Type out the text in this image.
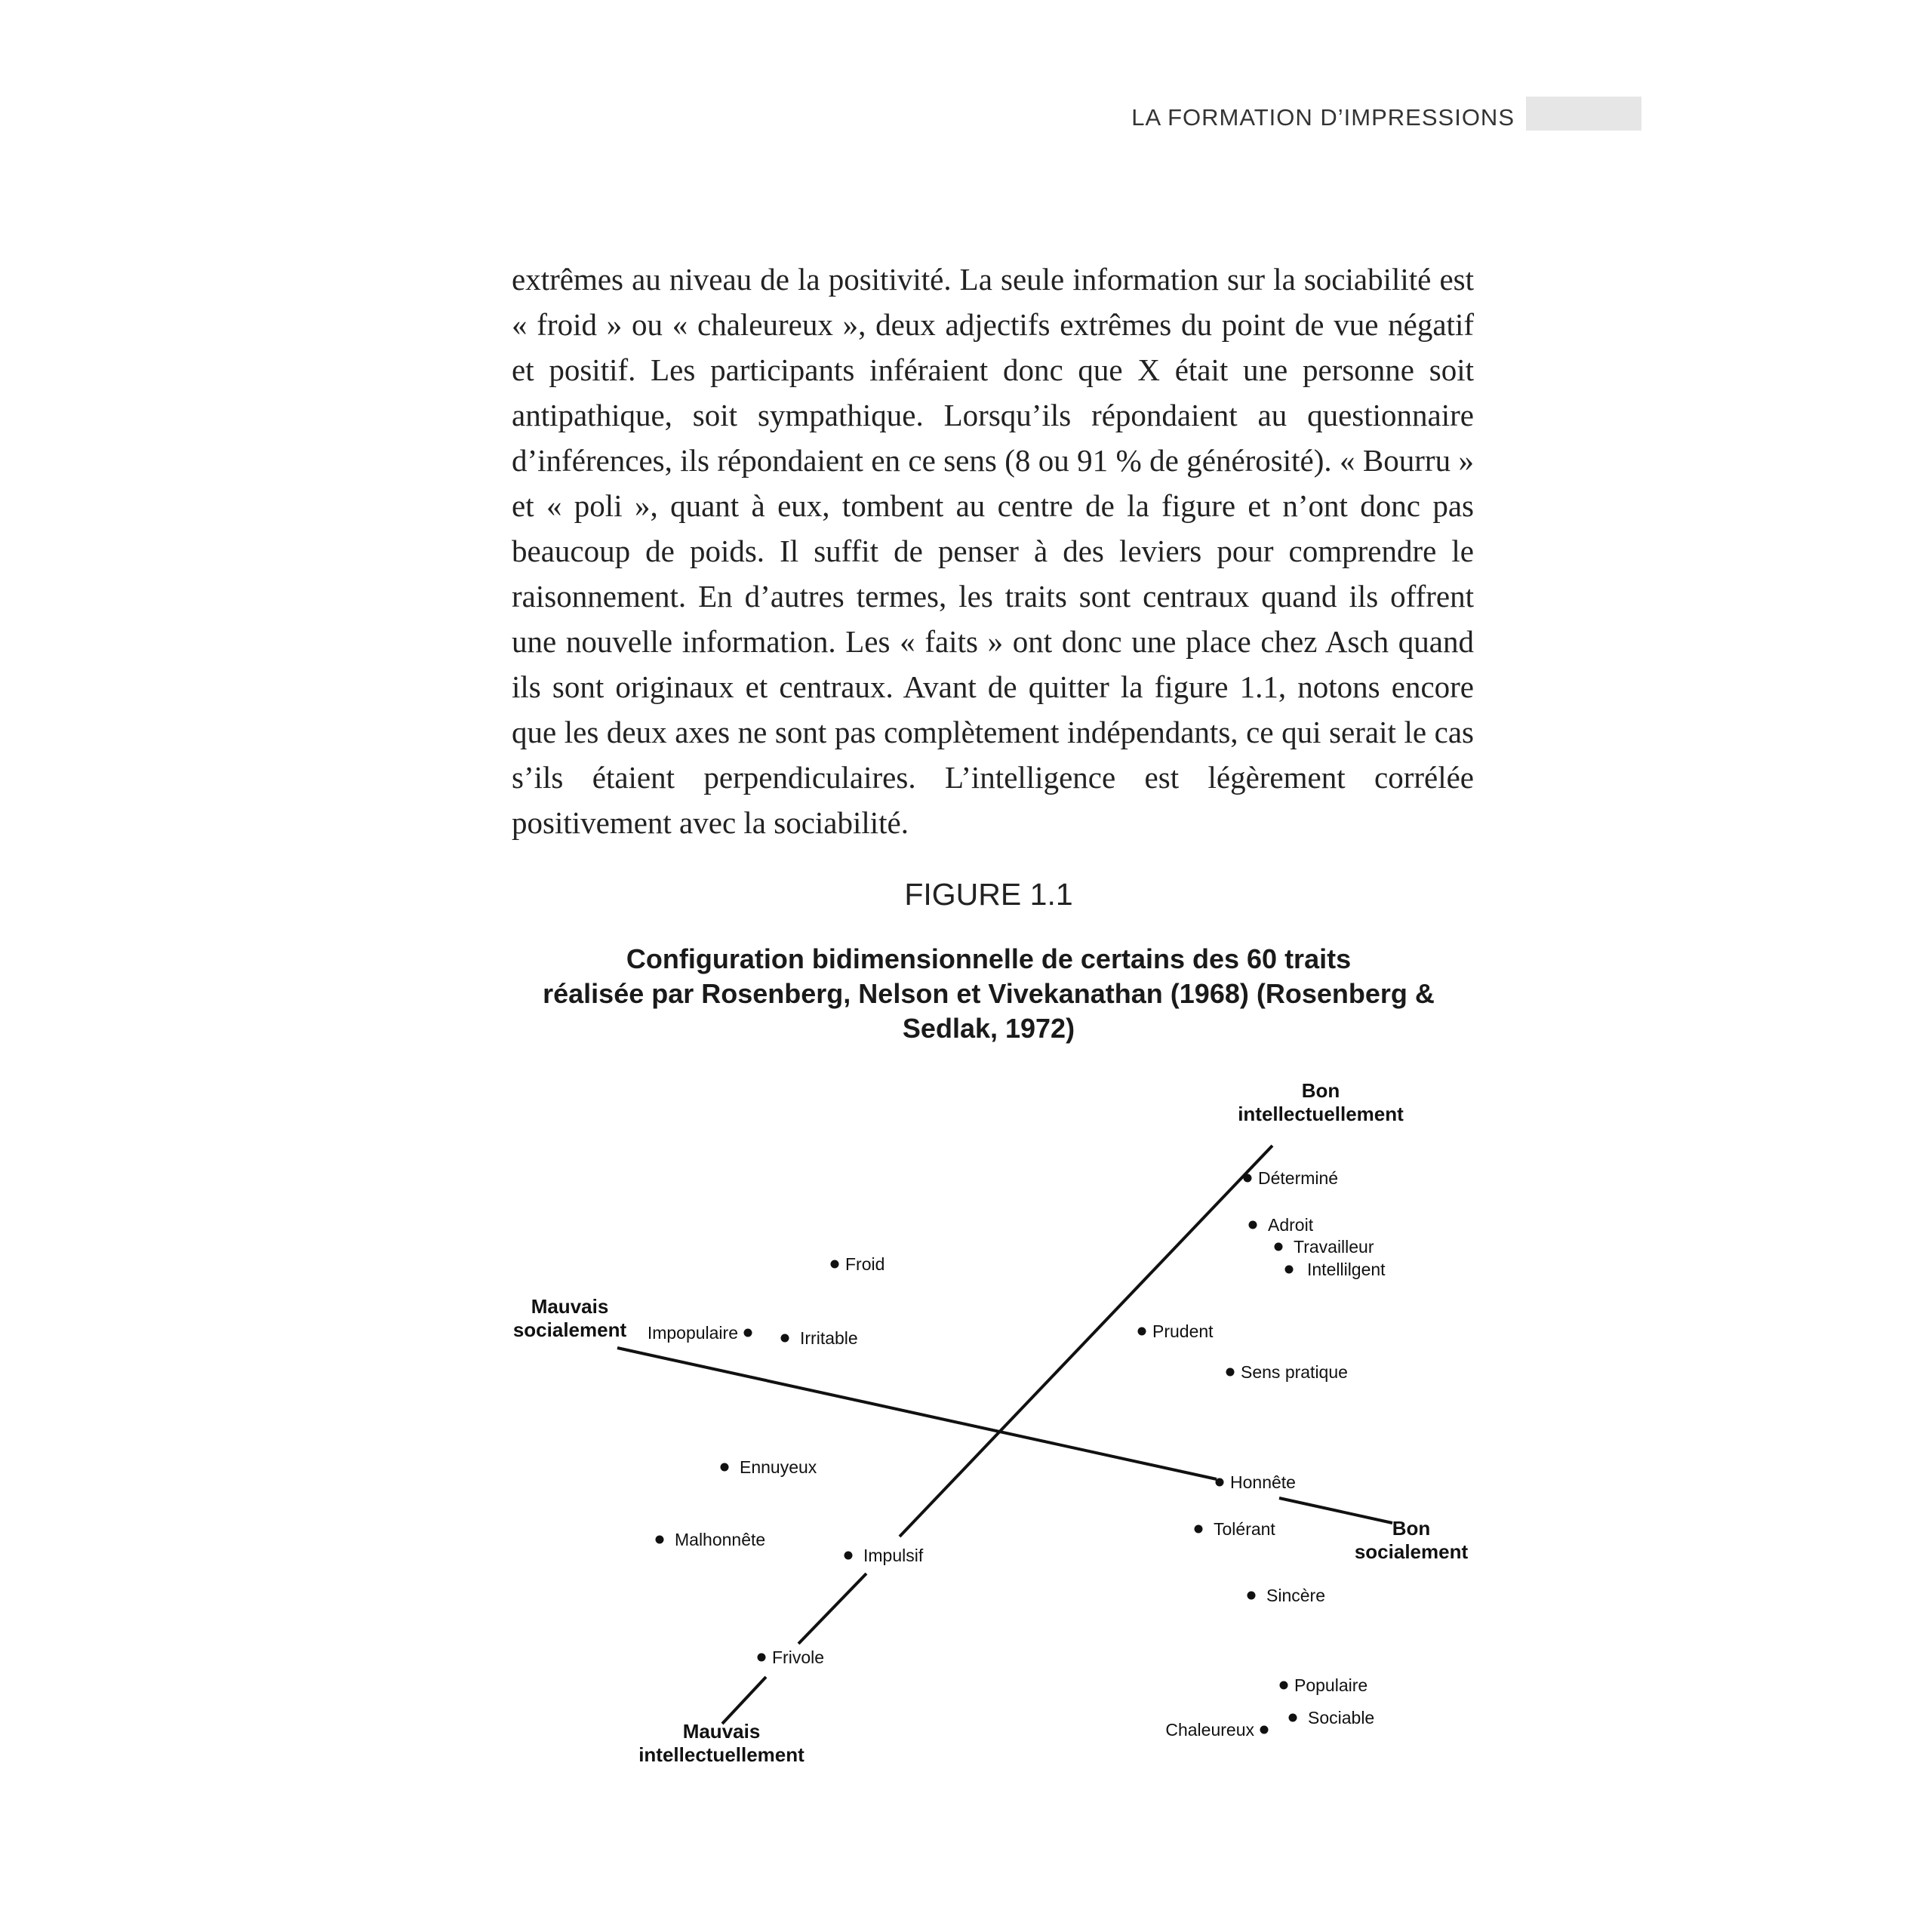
LA FORMATION D’IMPRESSIONS

extrêmes au niveau de la positivité. La seule information sur la sociabilité est « froid » ou « chaleureux », deux adjectifs extrêmes du point de vue négatif et positif. Les participants inféraient donc que X était une personne soit antipathique, soit sympathique. Lorsqu’ils répondaient au questionnaire d’inférences, ils répondaient en ce sens (8 ou 91 % de générosité). « Bourru » et « poli », quant à eux, tombent au centre de la figure et n’ont donc pas beaucoup de poids. Il suffit de penser à des leviers pour comprendre le raisonnement. En d’autres termes, les traits sont centraux quand ils offrent une nouvelle information. Les « faits » ont donc une place chez Asch quand ils sont originaux et centraux. Avant de quitter la figure 1.1, notons encore que les deux axes ne sont pas complètement indépendants, ce qui serait le cas s’ils étaient perpendiculaires. L’intelligence est légèrement corrélée positivement avec la sociabilité.

FIGURE 1.1
Configuration bidimensionnelle de certains des 60 traits
réalisée par Rosenberg, Nelson et Vivekanathan (1968) (Rosenberg &
Sedlak, 1972)
Bon
intellectuellement
Mauvais
socialement
Bon
socialement
Mauvais
intellectuellement
Déterminé
Adroit
Travailleur
Intellilgent
Froid
Impopulaire	Irritable	Prudent
Sens pratique
Ennuyeux
Honnête
Tolérant
Malhonnête
Impulsif
Sincère
Frivole
Populaire
Sociable
Chaleureux
